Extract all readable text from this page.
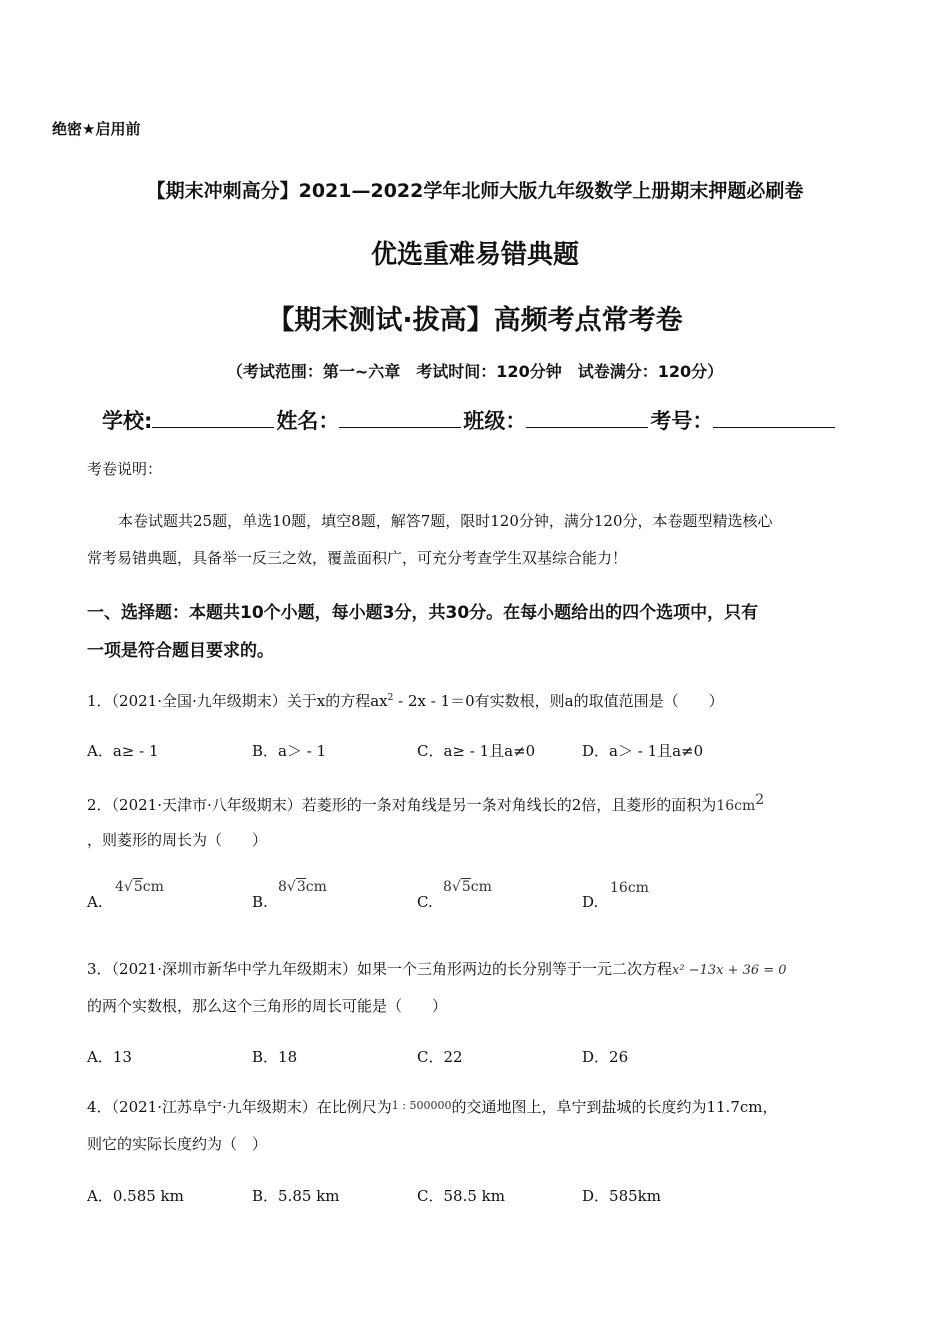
绝密★启用前
【期末冲刺高分】2021—2022学年北师大版九年级数学上册期末押题必刷卷
优选重难易错典题
【期末测试·拔高】高频考点常考卷
（考试范围：第一~六章　考试时间：120分钟　试卷满分：120分）
学校:	姓名：	班级：	考号：
考卷说明：
本卷试题共25题，单选10题，填空8题，解答7题，限时120分钟，满分120分，本卷题型精选核心
常考易错典题，具备举一反三之效，覆盖面积广，可充分考查学生双基综合能力！
一、选择题：本题共10个小题，每小题3分，共30分。在每小题给出的四个选项中，只有
一项是符合题目要求的。
1．（2021·全国·九年级期末）关于x的方程$ax^2 - 2x - 1=0$有实数根，则a的取值范围是（　　）
A．a≥ - 1	B．a＞ - 1	C．a≥ - 1且a≠0	D．a＞ - 1且a≠0
2．（2021·天津市·八年级期末）若菱形的一条对角线是另一条对角线长的2倍，且菱形的面积为$16cm^2$
，则菱形的周长为（　　）
A.
4√5cm
B.
8√3cm
C.
8√5cm
D.
16cm
3．（2021·深圳市新华中学九年级期末）如果一个三角形两边的长分别等于一元二次方程x² −13x + 36 = 0
的两个实数根，那么这个三角形的周长可能是（　　）
A．13	B．18	C．22	D．26
4．（2021·江苏阜宁·九年级期末）在比例尺为$^{1 : 500000}$的交通地图上，阜宁到盐城的长度约为11.7cm，
则它的实际长度约为（　）
A．0.585 km	B．5.85 km	C．58.5 km	D．585km
